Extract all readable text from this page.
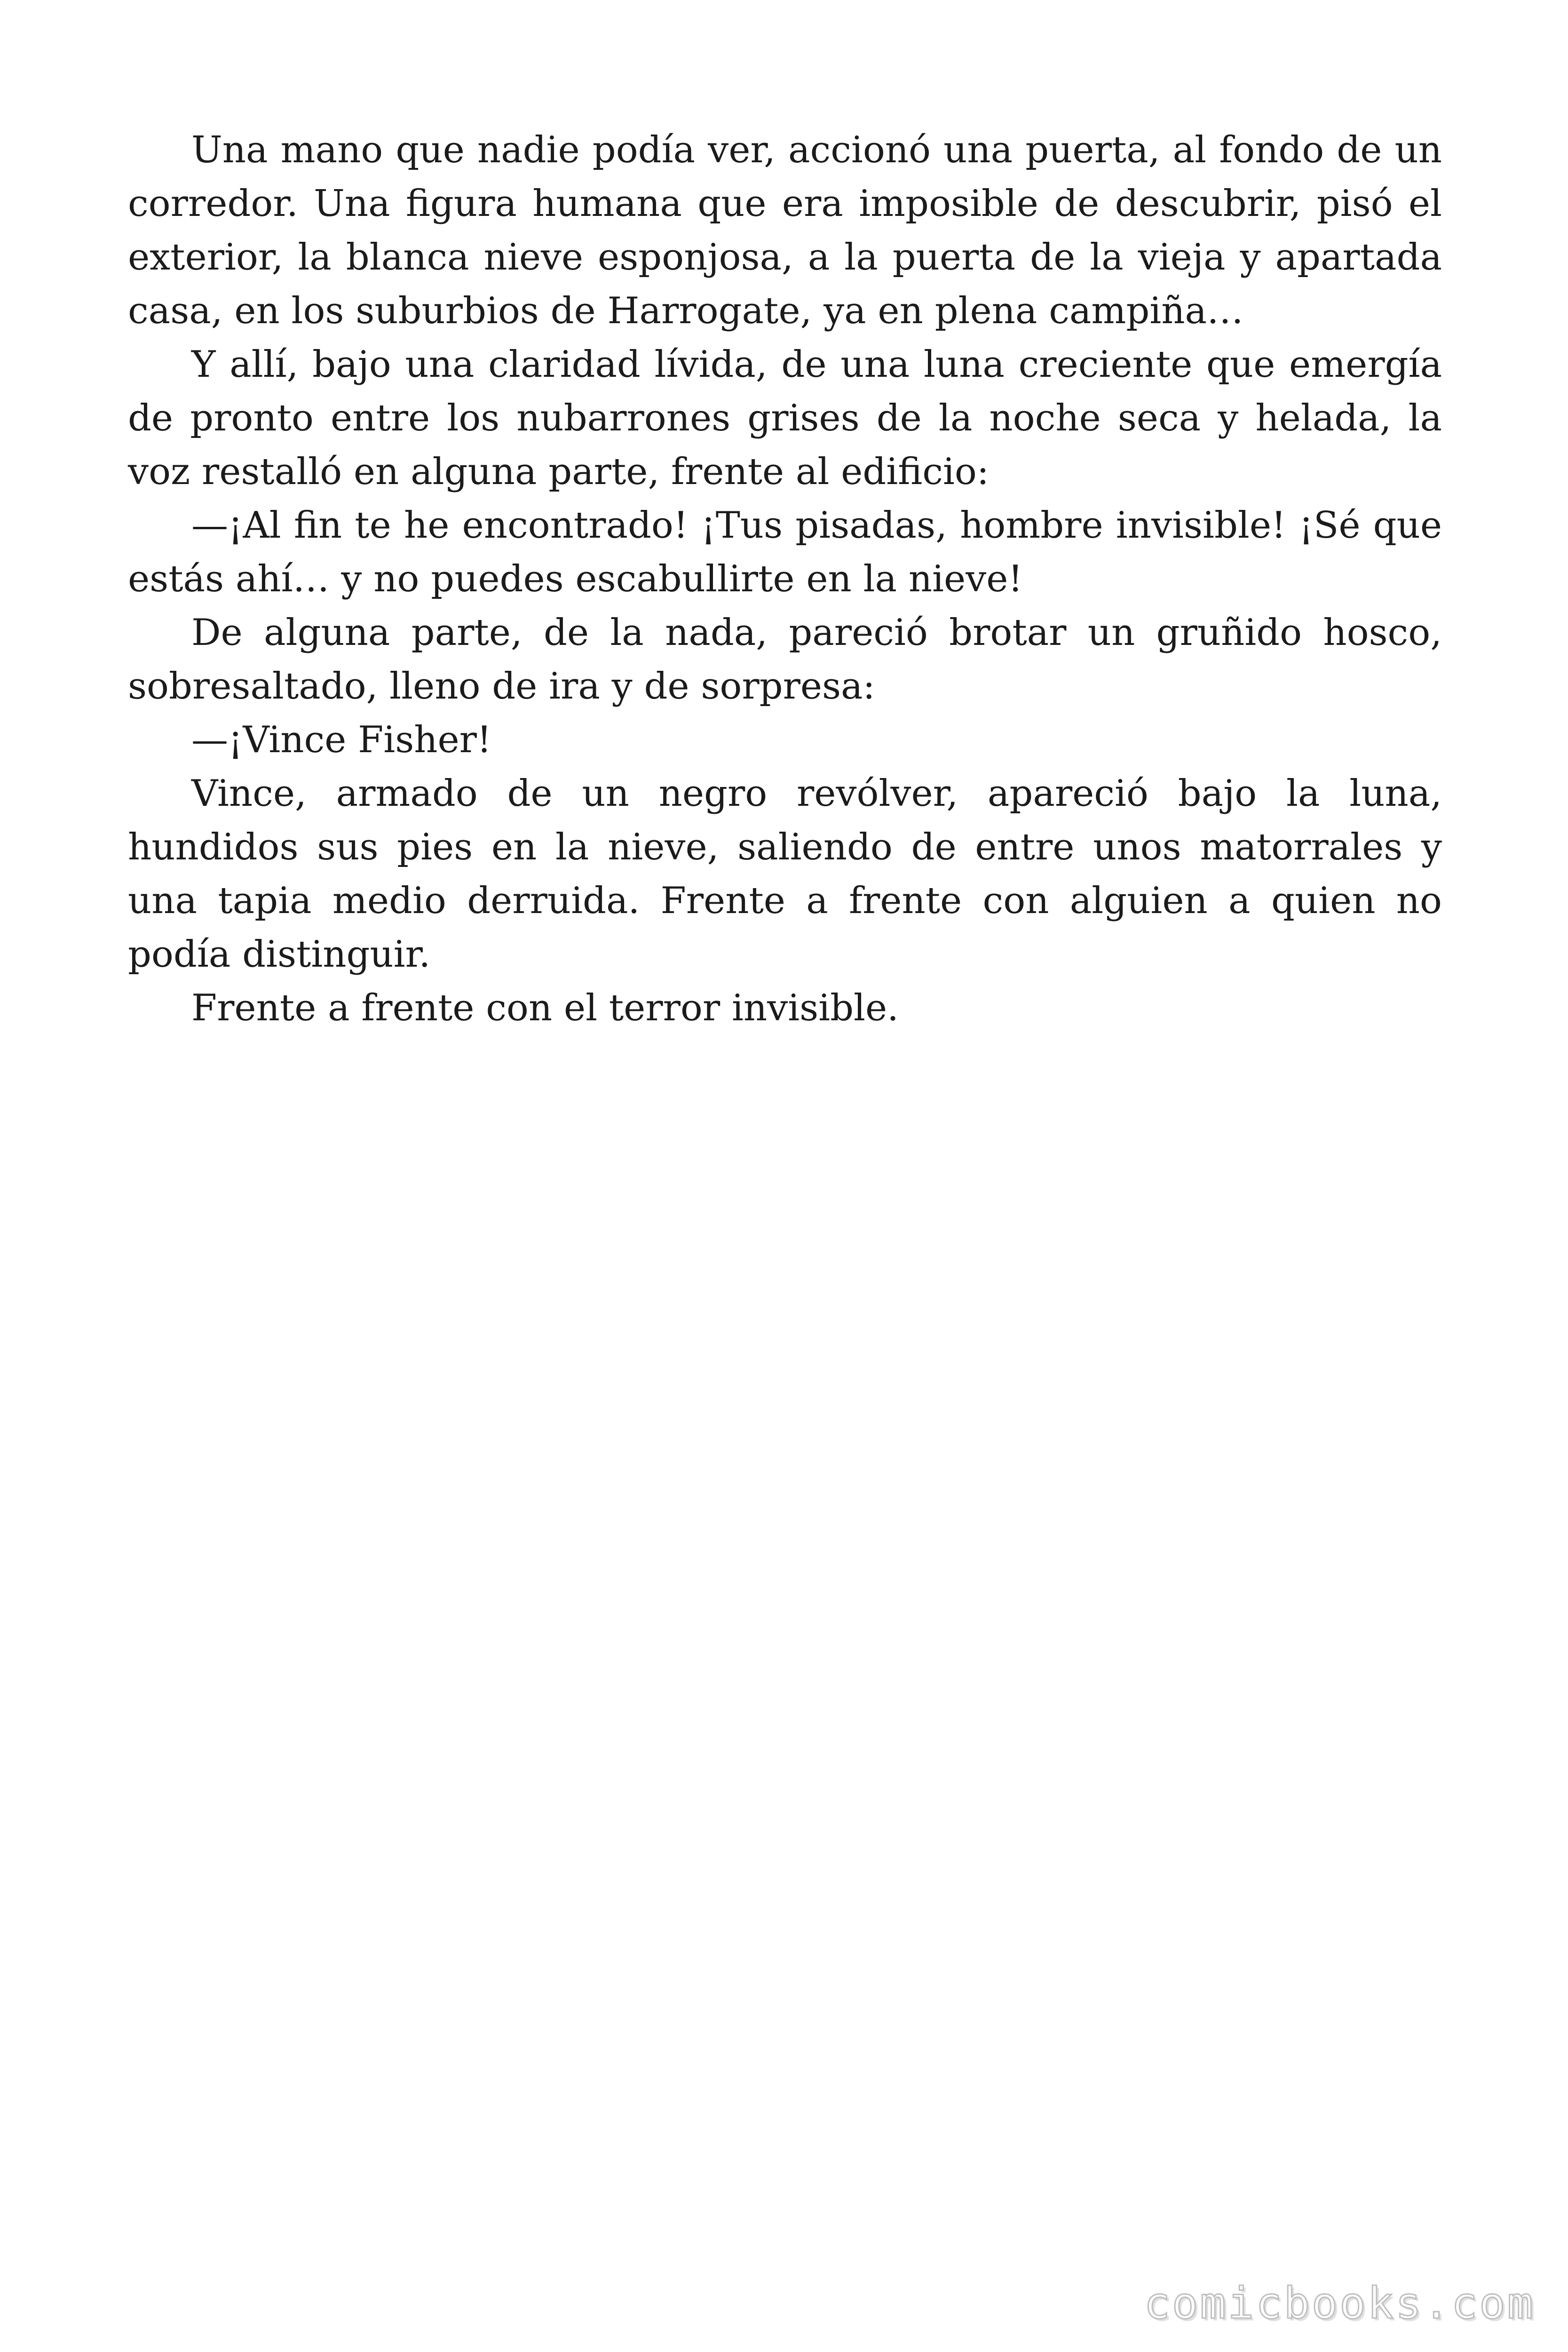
Una mano que nadie podía ver, accionó una puerta, al fondo de un corredor. Una figura humana que era imposible de descubrir, pisó el exterior, la blanca nieve esponjosa, a la puerta de la vieja y apartada casa, en los suburbios de Harrogate, ya en plena campiña…

Y allí, bajo una claridad lívida, de una luna creciente que emergía de pronto entre los nubarrones grises de la noche seca y helada, la voz restalló en alguna parte, frente al edificio:

—¡Al fin te he encontrado! ¡Tus pisadas, hombre invisible! ¡Sé que estás ahí… y no puedes escabullirte en la nieve!

De alguna parte, de la nada, pareció brotar un gruñido hosco, sobresaltado, lleno de ira y de sorpresa:

—¡Vince Fisher!

Vince, armado de un negro revólver, apareció bajo la luna, hundidos sus pies en la nieve, saliendo de entre unos matorrales y una tapia medio derruida. Frente a frente con alguien a quien no podía distinguir.

Frente a frente con el terror invisible.

comicbooks.com
